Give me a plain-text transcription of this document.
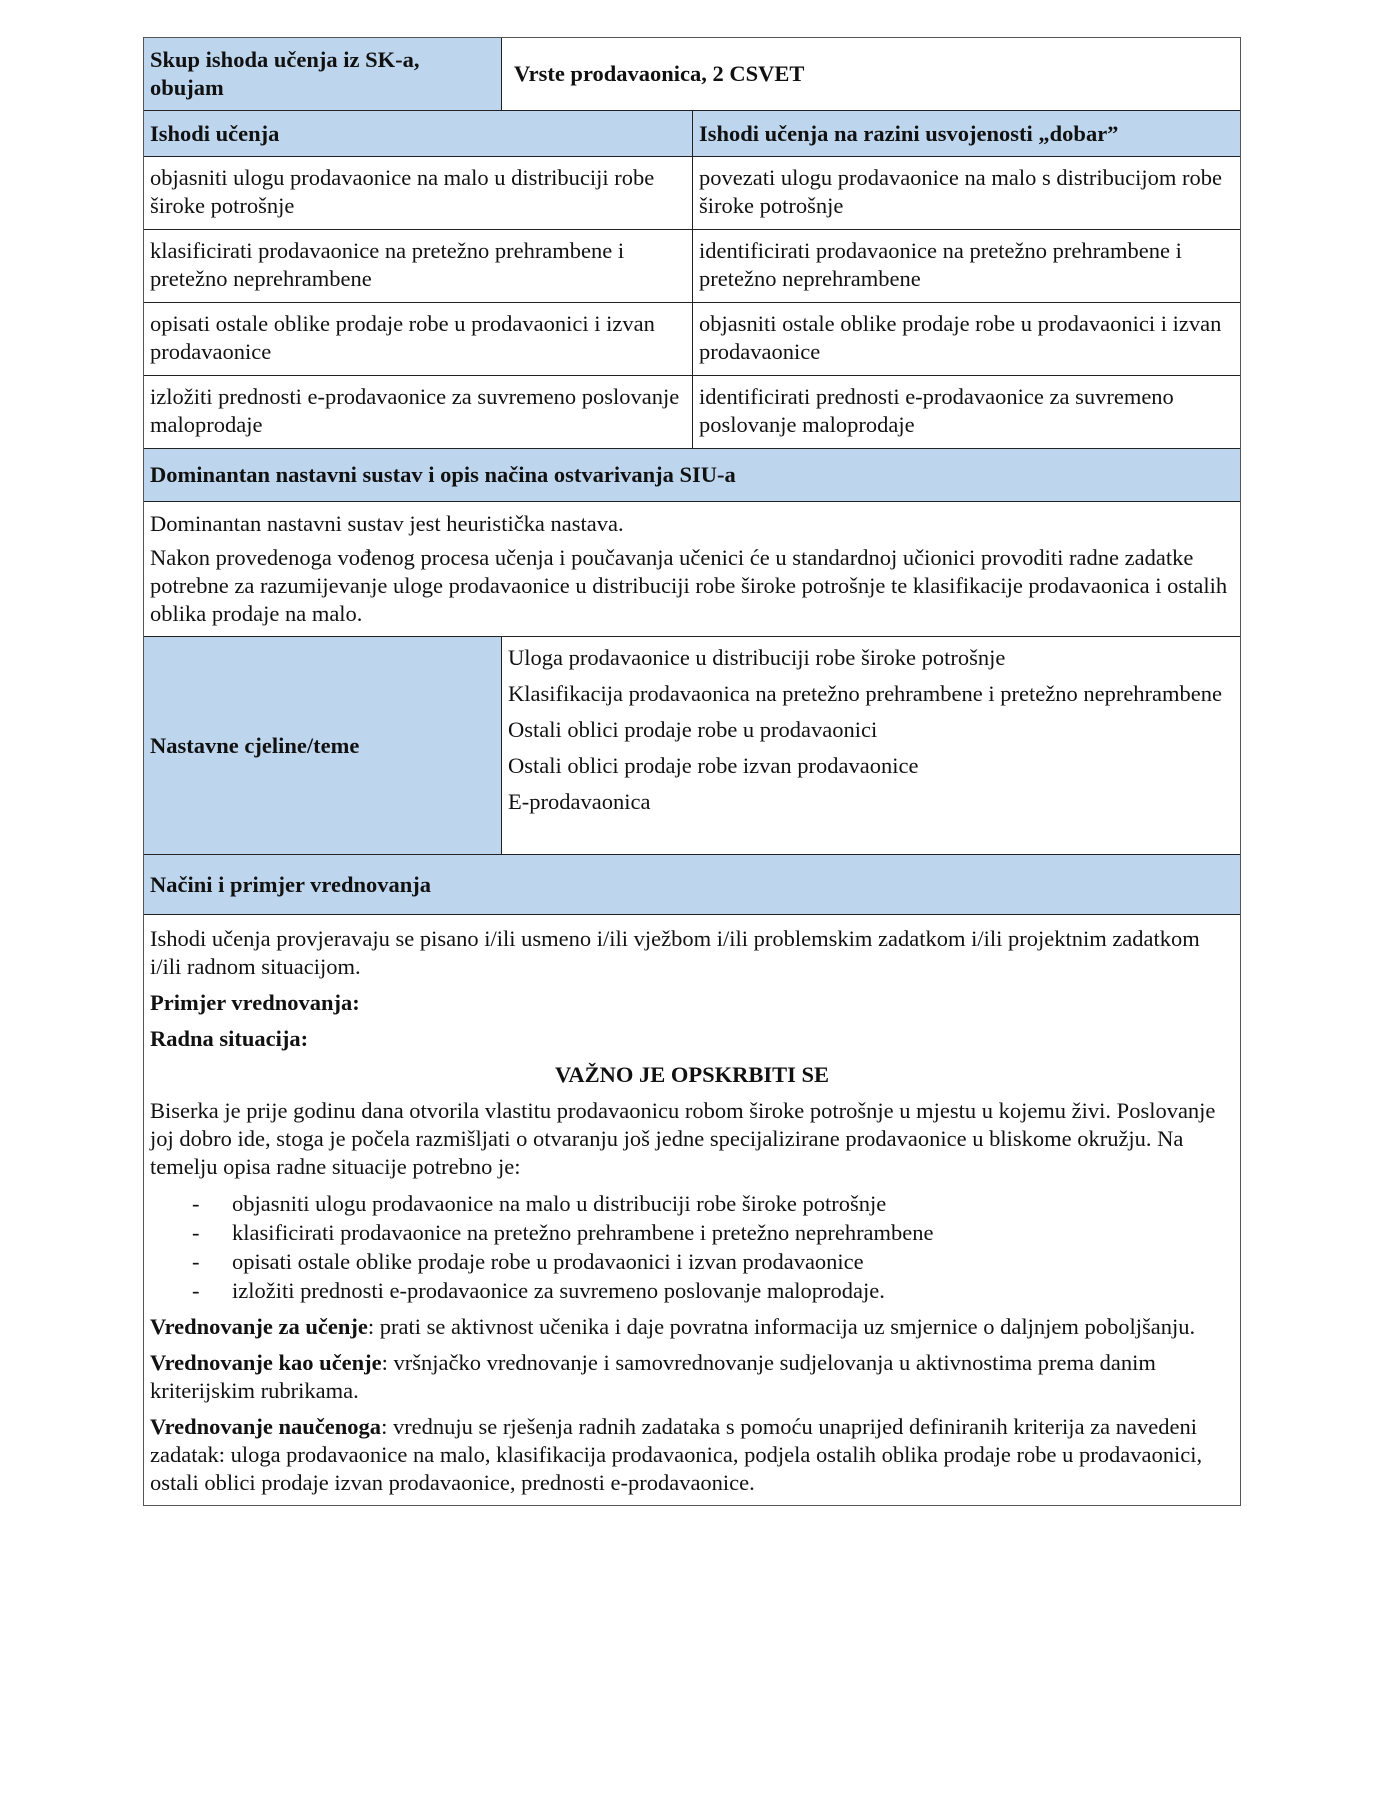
Skup ishoda učenja iz SK-a, obujam
Vrste prodavaonica, 2 CSVET
Ishodi učenja	Ishodi učenja na razini usvojenosti „dobar”
objasniti ulogu prodavaonice na malo u distribuciji robe široke potrošnje
povezati ulogu prodavaonice na malo s distribucijom robe široke potrošnje
klasificirati prodavaonice na pretežno prehrambene i pretežno neprehrambene
identificirati prodavaonice na pretežno prehrambene i pretežno neprehrambene
opisati ostale oblike prodaje robe u prodavaonici i izvan prodavaonice
objasniti ostale oblike prodaje robe u prodavaonici i izvan prodavaonice
izložiti prednosti e-prodavaonice za suvremeno poslovanje maloprodaje
identificirati prednosti e-prodavaonice za suvremeno poslovanje maloprodaje
Dominantan nastavni sustav i opis načina ostvarivanja SIU-a

Dominantan nastavni sustav jest heuristička nastava.

Nakon provedenoga vođenog procesa učenja i poučavanja učenici će u standardnoj učionici provoditi radne zadatke potrebne za razumijevanje uloge prodavaonice u distribuciji robe široke potrošnje te klasifikacije prodavaonica i ostalih oblika prodaje na malo.

Nastavne cjeline/teme
Uloga prodavaonice u distribuciji robe široke potrošnje
Klasifikacija prodavaonica na pretežno prehrambene i pretežno neprehrambene
Ostali oblici prodaje robe u prodavaonici
Ostali oblici prodaje robe izvan prodavaonice
E-prodavaonica
Načini i primjer vrednovanja

Ishodi učenja provjeravaju se pisano i/ili usmeno i/ili vježbom i/ili problemskim zadatkom i/ili projektnim zadatkom i/ili radnom situacijom.

Primjer vrednovanja:

Radna situacija:

VAŽNO JE OPSKRBITI SE

Biserka je prije godinu dana otvorila vlastitu prodavaonicu robom široke potrošnje u mjestu u kojemu živi. Poslovanje joj dobro ide, stoga je počela razmišljati o otvaranju još jedne specijalizirane prodavaonice u bliskome okružju. Na temelju opisa radne situacije potrebno je:

- objasniti ulogu prodavaonice na malo u distribuciji robe široke potrošnje
- klasificirati prodavaonice na pretežno prehrambene i pretežno neprehrambene
- opisati ostale oblike prodaje robe u prodavaonici i izvan prodavaonice
- izložiti prednosti e-prodavaonice za suvremeno poslovanje maloprodaje.

Vrednovanje za učenje: prati se aktivnost učenika i daje povratna informacija uz smjernice o daljnjem poboljšanju.

Vrednovanje kao učenje: vršnjačko vrednovanje i samovrednovanje sudjelovanja u aktivnostima prema danim kriterijskim rubrikama.

Vrednovanje naučenoga: vrednuju se rješenja radnih zadataka s pomoću unaprijed definiranih kriterija za navedeni zadatak: uloga prodavaonice na malo, klasifikacija prodavaonica, podjela ostalih oblika prodaje robe u prodavaonici, ostali oblici prodaje izvan prodavaonice, prednosti e-prodavaonice.
